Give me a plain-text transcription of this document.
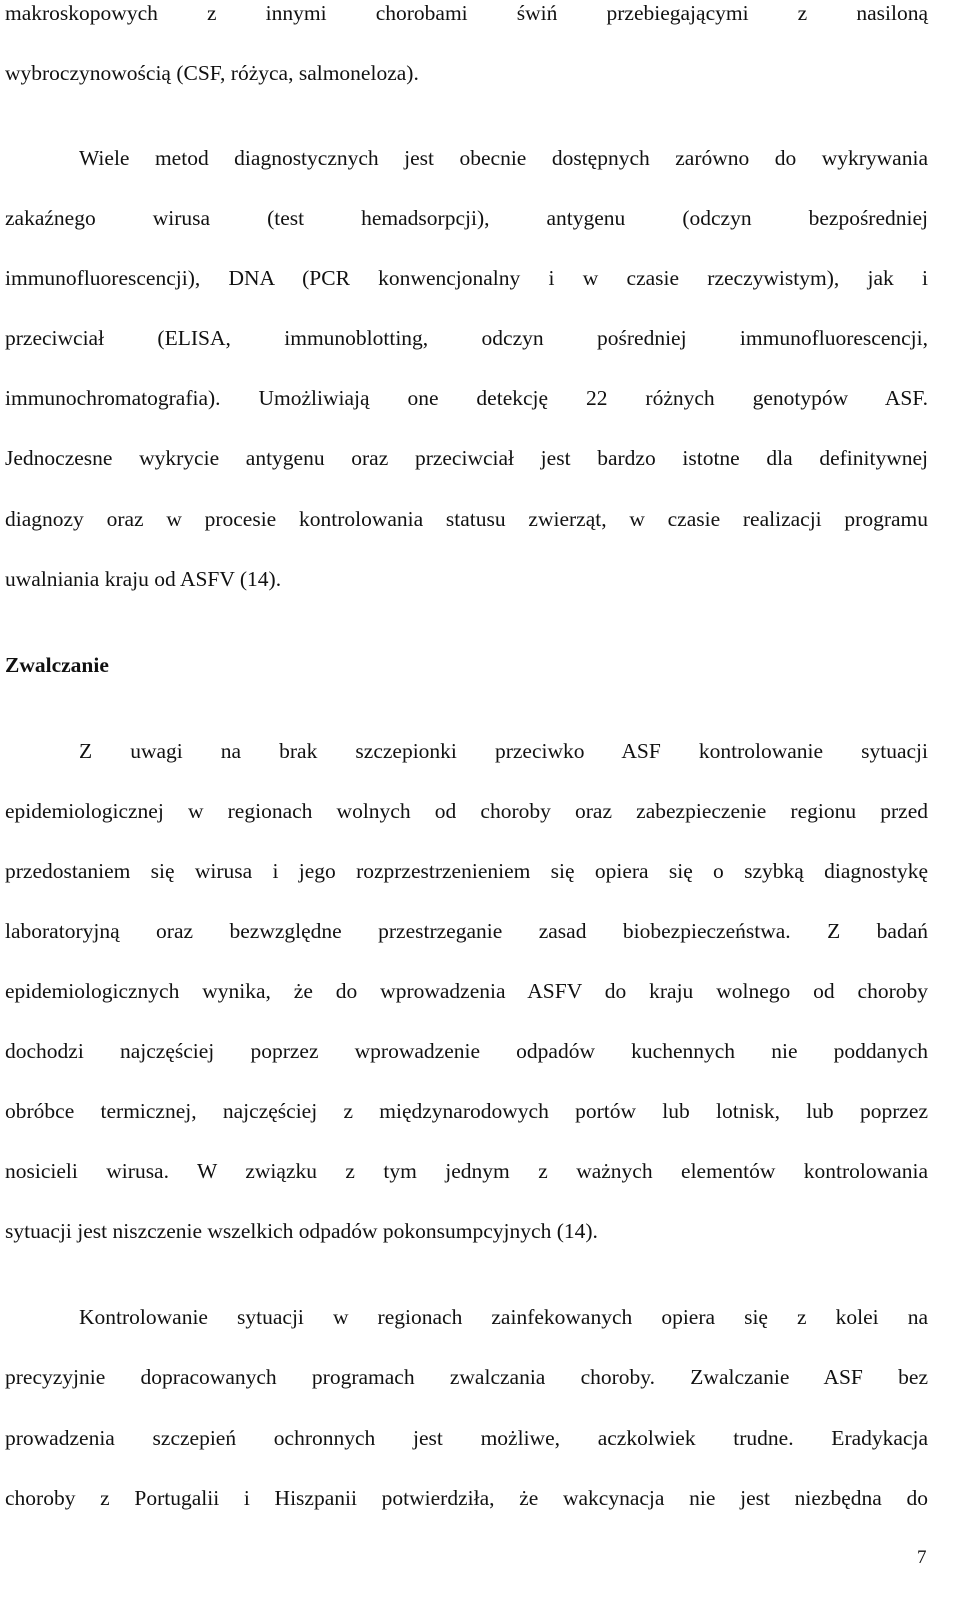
makroskopowych z innymi chorobami świń przebiegającymi z nasiloną
wybroczynowością (CSF, różyca, salmoneloza).
Wiele metod diagnostycznych jest obecnie dostępnych zarówno do wykrywania
zakaźnego wirusa (test hemadsorpcji), antygenu (odczyn bezpośredniej
immunofluorescencji), DNA (PCR konwencjonalny i w czasie rzeczywistym), jak i
przeciwciał (ELISA, immunoblotting, odczyn pośredniej immunofluorescencji,
immunochromatografia). Umożliwiają one detekcję 22 różnych genotypów ASF.
Jednoczesne wykrycie antygenu oraz przeciwciał jest bardzo istotne dla definitywnej
diagnozy oraz w procesie kontrolowania statusu zwierząt, w czasie realizacji programu
uwalniania kraju od ASFV (14).
Zwalczanie
Z uwagi na brak szczepionki przeciwko ASF kontrolowanie sytuacji
epidemiologicznej w regionach wolnych od choroby oraz zabezpieczenie regionu przed
przedostaniem się wirusa i jego rozprzestrzenieniem się opiera się o szybką diagnostykę
laboratoryjną oraz bezwzględne przestrzeganie zasad biobezpieczeństwa. Z badań
epidemiologicznych wynika, że do wprowadzenia ASFV do kraju wolnego od choroby
dochodzi najczęściej poprzez wprowadzenie odpadów kuchennych nie poddanych
obróbce termicznej, najczęściej z międzynarodowych portów lub lotnisk, lub poprzez
nosicieli wirusa. W związku z tym jednym z ważnych elementów kontrolowania
sytuacji jest niszczenie wszelkich odpadów pokonsumpcyjnych (14).
Kontrolowanie sytuacji w regionach zainfekowanych opiera się z kolei na
precyzyjnie dopracowanych programach zwalczania choroby. Zwalczanie ASF bez
prowadzenia szczepień ochronnych jest możliwe, aczkolwiek trudne. Eradykacja
choroby z Portugalii i Hiszpanii potwierdziła, że wakcynacja nie jest niezbędna do
7
